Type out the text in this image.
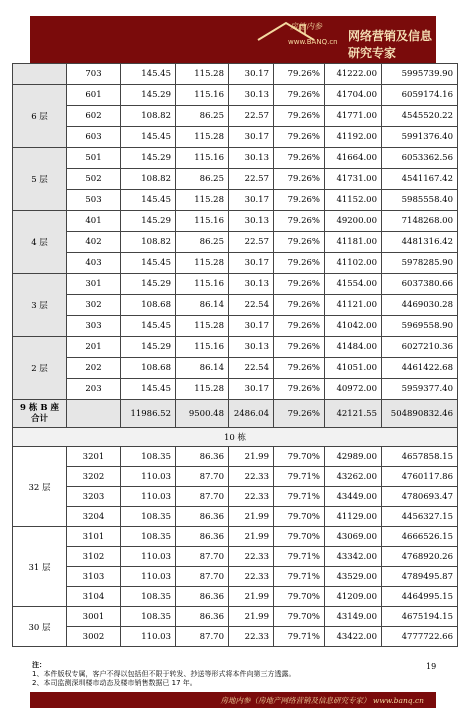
房地内参
www.BANQ.cn 网络营销及信息研究专家
	703	145.45	115.28	30.17	79.26%	41222.00	5995739.90
6 层	601	145.29	115.16	30.13	79.26%	41704.00	6059174.16
	602	108.82	86.25	22.57	79.26%	41771.00	4545520.22
	603	145.45	115.28	30.17	79.26%	41192.00	5991376.40
5 层	501	145.29	115.16	30.13	79.26%	41664.00	6053362.56
	502	108.82	86.25	22.57	79.26%	41731.00	4541167.42
	503	145.45	115.28	30.17	79.26%	41152.00	5985558.40
4 层	401	145.29	115.16	30.13	79.26%	49200.00	7148268.00
	402	108.82	86.25	22.57	79.26%	41181.00	4481316.42
	403	145.45	115.28	30.17	79.26%	41102.00	5978285.90
3 层	301	145.29	115.16	30.13	79.26%	41554.00	6037380.66
	302	108.68	86.14	22.54	79.26%	41121.00	4469030.28
	303	145.45	115.28	30.17	79.26%	41042.00	5969558.90
2 层	201	145.29	115.16	30.13	79.26%	41484.00	6027210.36
	202	108.68	86.14	22.54	79.26%	41051.00	4461422.68
	203	145.45	115.28	30.17	79.26%	40972.00	5959377.40

9 栋 B 座
合计		11986.52	9500.48	2486.04	79.26%	42121.55	504890832.46
10 栋							
32 层	3201	108.35	86.36	21.99	79.70%	42989.00	4657858.15
	3202	110.03	87.70	22.33	79.71%	43262.00	4760117.86
	3203	110.03	87.70	22.33	79.71%	43449.00	4780693.47
	3204	108.35	86.36	21.99	79.70%	41129.00	4456327.15
31 层	3101	108.35	86.36	21.99	79.70%	43069.00	4666526.15
	3102	110.03	87.70	22.33	79.71%	43342.00	4768920.26
	3103	110.03	87.70	22.33	79.71%	43529.00	4789495.87
	3104	108.35	86.36	21.99	79.70%	41209.00	4464995.15
30 层	3001	108.35	86.36	21.99	79.70%	43149.00	4675194.15
	3002	110.03	87.70	22.33	79.71%	43422.00	4777722.66
注：
1、本件版权专属，客户不得以包括但不限于转发、抄送等形式将本件向第三方透露。
2、本司监测深圳楼市动态及楼市销售数据已 17 年。
19
房地内参（房地产网络营销及信息研究专家） www.banq.cn
